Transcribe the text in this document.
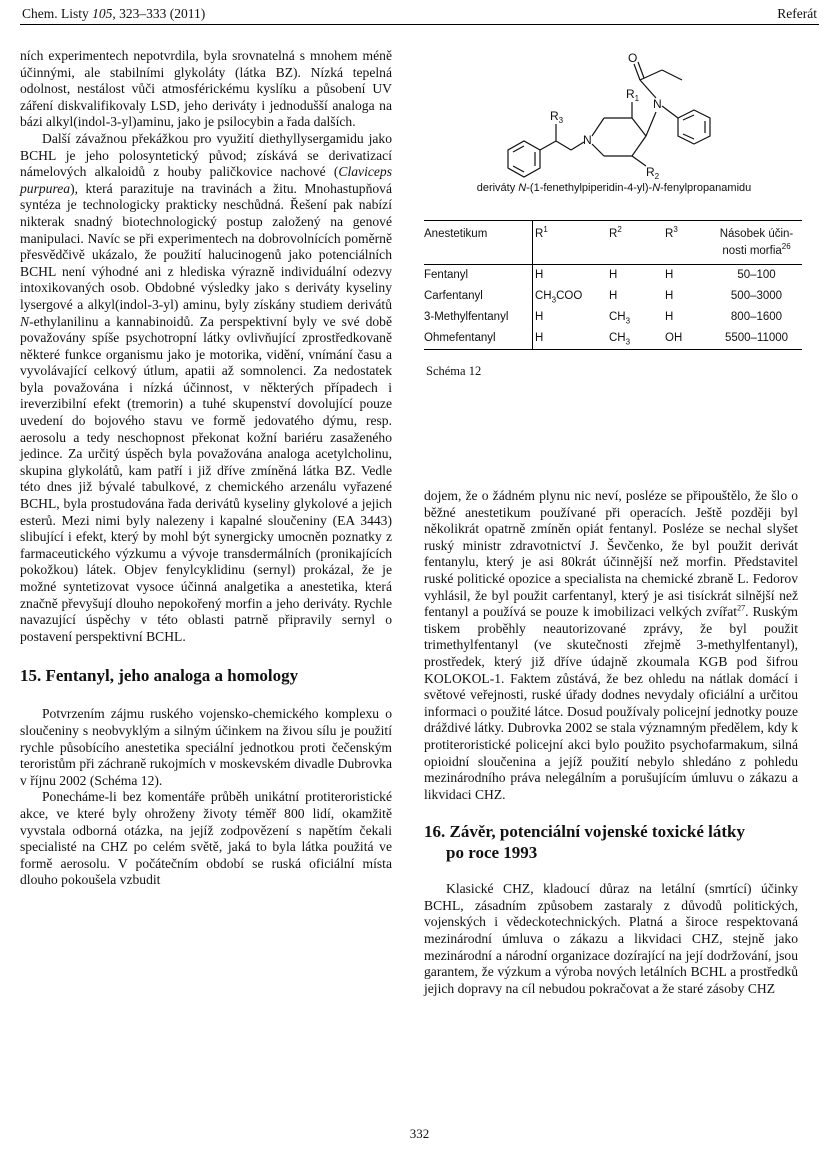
Chem. Listy 105, 323–333 (2011)	Referát

ních experimentech nepotvrdila, byla srovnatelná s mnohem méně účinnými, ale stabilními glykoláty (látka BZ). Nízká tepelná odolnost, nestálost vůči atmosférickému kyslíku a působení UV záření diskvalifikovaly LSD, jeho deriváty i jednodušší analoga na bázi alkyl(indol-3-yl)aminu, jako je psilocybin a řada dalších.

Další závažnou překážkou pro využití diethyllysergamidu jako BCHL je jeho polosyntetický původ; získává se derivatizací námelových alkaloidů z houby paličkovice nachové (Claviceps purpurea), která parazituje na travinách a žitu. Mnohastupňová syntéza je technologicky prakticky neschůdná. Řešení pak nabízí nikterak snadný biotechnologický postup založený na genové manipulaci. Navíc se při experimentech na dobrovolnících poměrně přesvědčivě ukázalo, že použití halucinogenů jako potenciálních BCHL není výhodné ani z hlediska výrazně individuální odezvy intoxikovaných osob. Obdobné výsledky jako s deriváty kyseliny lysergové a alkyl(indol-3-yl) aminu, byly získány studiem derivátů N-ethylanilinu a kannabinoidů. Za perspektivní byly ve své době považovány spíše psychotropní látky ovlivňující zprostředkovaně některé funkce organismu jako je motorika, vidění, vnímání času a vyvolávající celkový útlum, apatii až somnolenci. Za nedostatek byla považována i nízká účinnost, v některých případech i ireverzibilní efekt (tremorin) a tuhé skupenství dovolující pouze uvedení do bojového stavu ve formě jedovatého dýmu, resp. aerosolu a tedy neschopnost překonat kožní bariéru zasaženého jedince. Za určitý úspěch byla považována analoga acetylcholinu, skupina glykolátů, kam patří i již dříve zmíněná látka BZ. Vedle této dnes již bývalé tabulkové, z chemického arzenálu vyřazené BCHL, byla prostudována řada derivátů kyseliny glykolové a jejich esterů. Mezi nimi byly nalezeny i kapalné sloučeniny (EA 3443) slibující i efekt, který by mohl být synergicky umocněn poznatky z farmaceutického výzkumu a vývoje transdermálních (pronikajících pokožkou) látek. Objev fenylcyklidinu (sernyl) prokázal, že je možné syntetizovat vysoce účinná analgetika a anestetika, která značně převyšují dlouho nepokořený morfin a jeho deriváty. Rychle navazující úspěchy v této oblasti patrně připravily sernyl o postavení perspektivní BCHL.

15. Fentanyl, jeho analoga a homology

Potvrzením zájmu ruského vojensko-chemického komplexu o sloučeniny s neobvyklým a silným účinkem na živou sílu je použití rychle působícího anestetika speciální jednotkou proti čečenským teroristům při záchraně rukojmích v moskevském divadle Dubrovka v říjnu 2002 (Schéma 12).

Ponecháme-li bez komentáře průběh unikátní protiteroristické akce, ve které byly ohroženy životy téměř 800 lidí, okamžitě vyvstala odborná otázka, na jejíž zodpovězení s napětím čekali specialisté na CHZ po celém světě, jaká to byla látka použitá ve formě aerosolu. V počátečním období se ruská oficiální místa dlouho pokoušela vzbudit

O
N
N
$R_1$
$R_2$
$R_3$
deriváty N-(1-fenethylpiperidin-4-yl)-N-fenylpropanamidu
Anestetikum	$R^1$	$R^2$	$R^3$	Násobek účin-
nosti morfia$^{26}$
Fentanyl	H	H	H	50–100
Carfentanyl	$CH_3COO$	H	H	500–3000
3-Methylfentanyl	H	$CH_3$	H	800–1600
Ohmefentanyl	H	$CH_3$	OH	5500–11000
Schéma 12

dojem, že o žádném plynu nic neví, posléze se připouštělo, že šlo o běžné anestetikum používané při operacích. Ještě později byl několikrát opatrně zmíněn opiát fentanyl. Posléze se nechal slyšet ruský ministr zdravotnictví J. Ševčenko, že byl použit derivát fentanylu, který je asi 80krát účinnější než morfin. Představitel ruské politické opozice a specialista na chemické zbraně L. Fedorov vyhlásil, že byl použit carfentanyl, který je asi tisíckrát silnější než fentanyl a používá se pouze k imobilizaci velkých zvířat$^{27}$. Ruským tiskem proběhly neautorizované zprávy, že byl použit trimethylfentanyl (ve skutečnosti zřejmě 3-methylfentanyl), prostředek, který již dříve údajně zkoumala KGB pod šifrou KOLOKOL-1. Faktem zůstává, že bez ohledu na nátlak domácí i světové veřejnosti, ruské úřady dodnes nevydaly oficiální a určitou informaci o použité látce. Dosud používaly policejní jednotky pouze dráždivé látky. Dubrovka 2002 se stala významným předělem, kdy k protiteroristické policejní akci bylo použito psychofarmakum, silná opioidní sloučenina a jejíž použití nebylo shledáno z pohledu mezinárodního práva nelegálním a porušujícím úmluvu o zákazu a likvidaci CHZ.

16. Závěr, potenciální vojenské toxické látky
po roce 1993

Klasické CHZ, kladoucí důraz na letální (smrtící) účinky BCHL, zásadním způsobem zastaraly z důvodů politických, vojenských i vědeckotechnických. Platná a široce respektovaná mezinárodní úmluva o zákazu a likvidaci CHZ, stejně jako mezinárodní a národní organizace dozírající na její dodržování, jsou garantem, že výzkum a výroba nových letálních BCHL a prostředků jejich dopravy na cíl nebudou pokračovat a že staré zásoby CHZ

332
